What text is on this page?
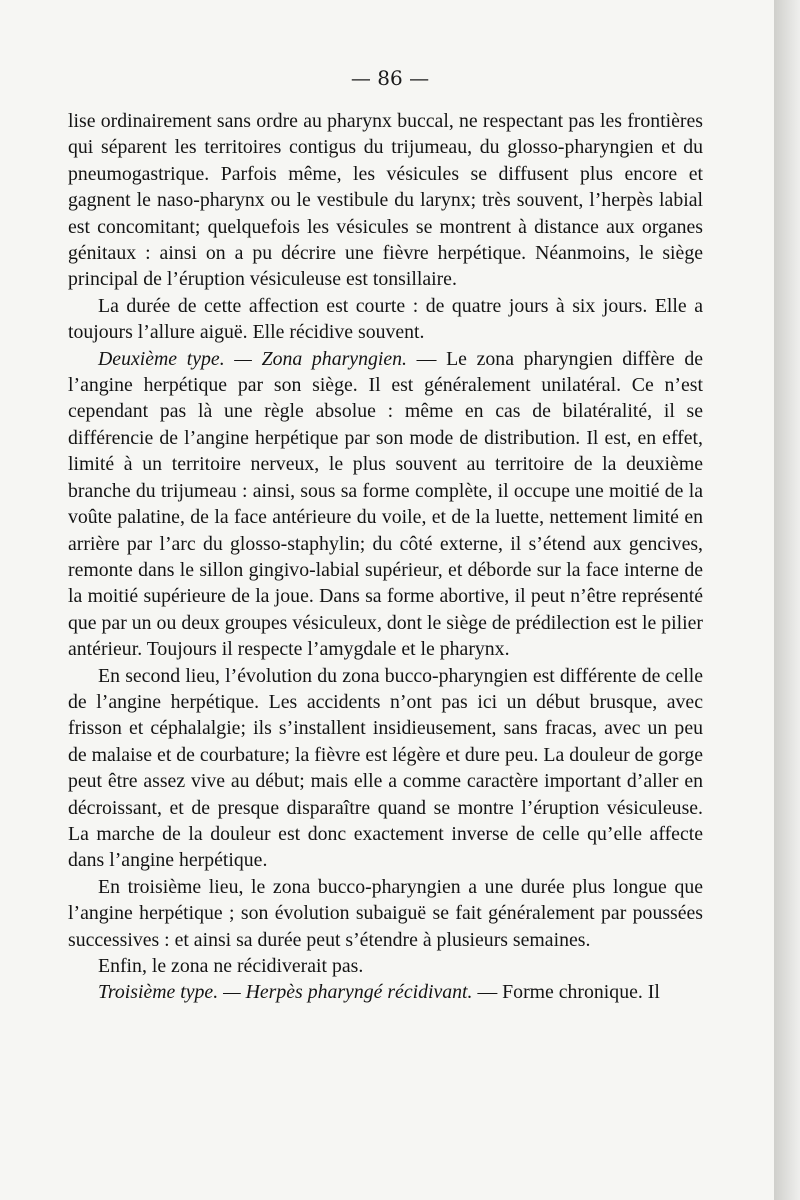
— 86 —

lise ordinairement sans ordre au pharynx buccal, ne respectant pas les frontières qui séparent les territoires contigus du trijumeau, du glosso-pharyngien et du pneumogastrique. Parfois même, les vésicules se diffusent plus encore et gagnent le naso-pharynx ou le vestibule du larynx; très souvent, l’herpès labial est concomitant; quelquefois les vésicules se montrent à distance aux organes génitaux : ainsi on a pu décrire une fièvre herpétique. Néanmoins, le siège principal de l’éruption vésiculeuse est tonsillaire.

La durée de cette affection est courte : de quatre jours à six jours. Elle a toujours l’allure aiguë. Elle récidive souvent.

Deuxième type. — Zona pharyngien. — Le zona pharyngien diffère de l’angine herpétique par son siège. Il est généralement unilatéral. Ce n’est cependant pas là une règle absolue : même en cas de bilatéralité, il se différencie de l’angine herpétique par son mode de distribution. Il est, en effet, limité à un territoire nerveux, le plus souvent au territoire de la deuxième branche du trijumeau : ainsi, sous sa forme complète, il occupe une moitié de la voûte palatine, de la face antérieure du voile, et de la luette, nettement limité en arrière par l’arc du glosso-staphylin; du côté externe, il s’étend aux gencives, remonte dans le sillon gingivo-labial supérieur, et déborde sur la face interne de la moitié supérieure de la joue. Dans sa forme abortive, il peut n’être représenté que par un ou deux groupes vésiculeux, dont le siège de prédilection est le pilier antérieur. Toujours il respecte l’amygdale et le pharynx.

En second lieu, l’évolution du zona bucco-pharyngien est différente de celle de l’angine herpétique. Les accidents n’ont pas ici un début brusque, avec frisson et céphalalgie; ils s’installent insidieusement, sans fracas, avec un peu de malaise et de courbature; la fièvre est légère et dure peu. La douleur de gorge peut être assez vive au début; mais elle a comme caractère important d’aller en décroissant, et de presque disparaître quand se montre l’éruption vésiculeuse. La marche de la douleur est donc exactement inverse de celle qu’elle affecte dans l’angine herpétique.

En troisième lieu, le zona bucco-pharyngien a une durée plus longue que l’angine herpétique ; son évolution subaiguë se fait généralement par poussées successives : et ainsi sa durée peut s’étendre à plusieurs semaines.

Enfin, le zona ne récidiverait pas.

Troisième type. — Herpès pharyngé récidivant. — Forme chronique. Il
